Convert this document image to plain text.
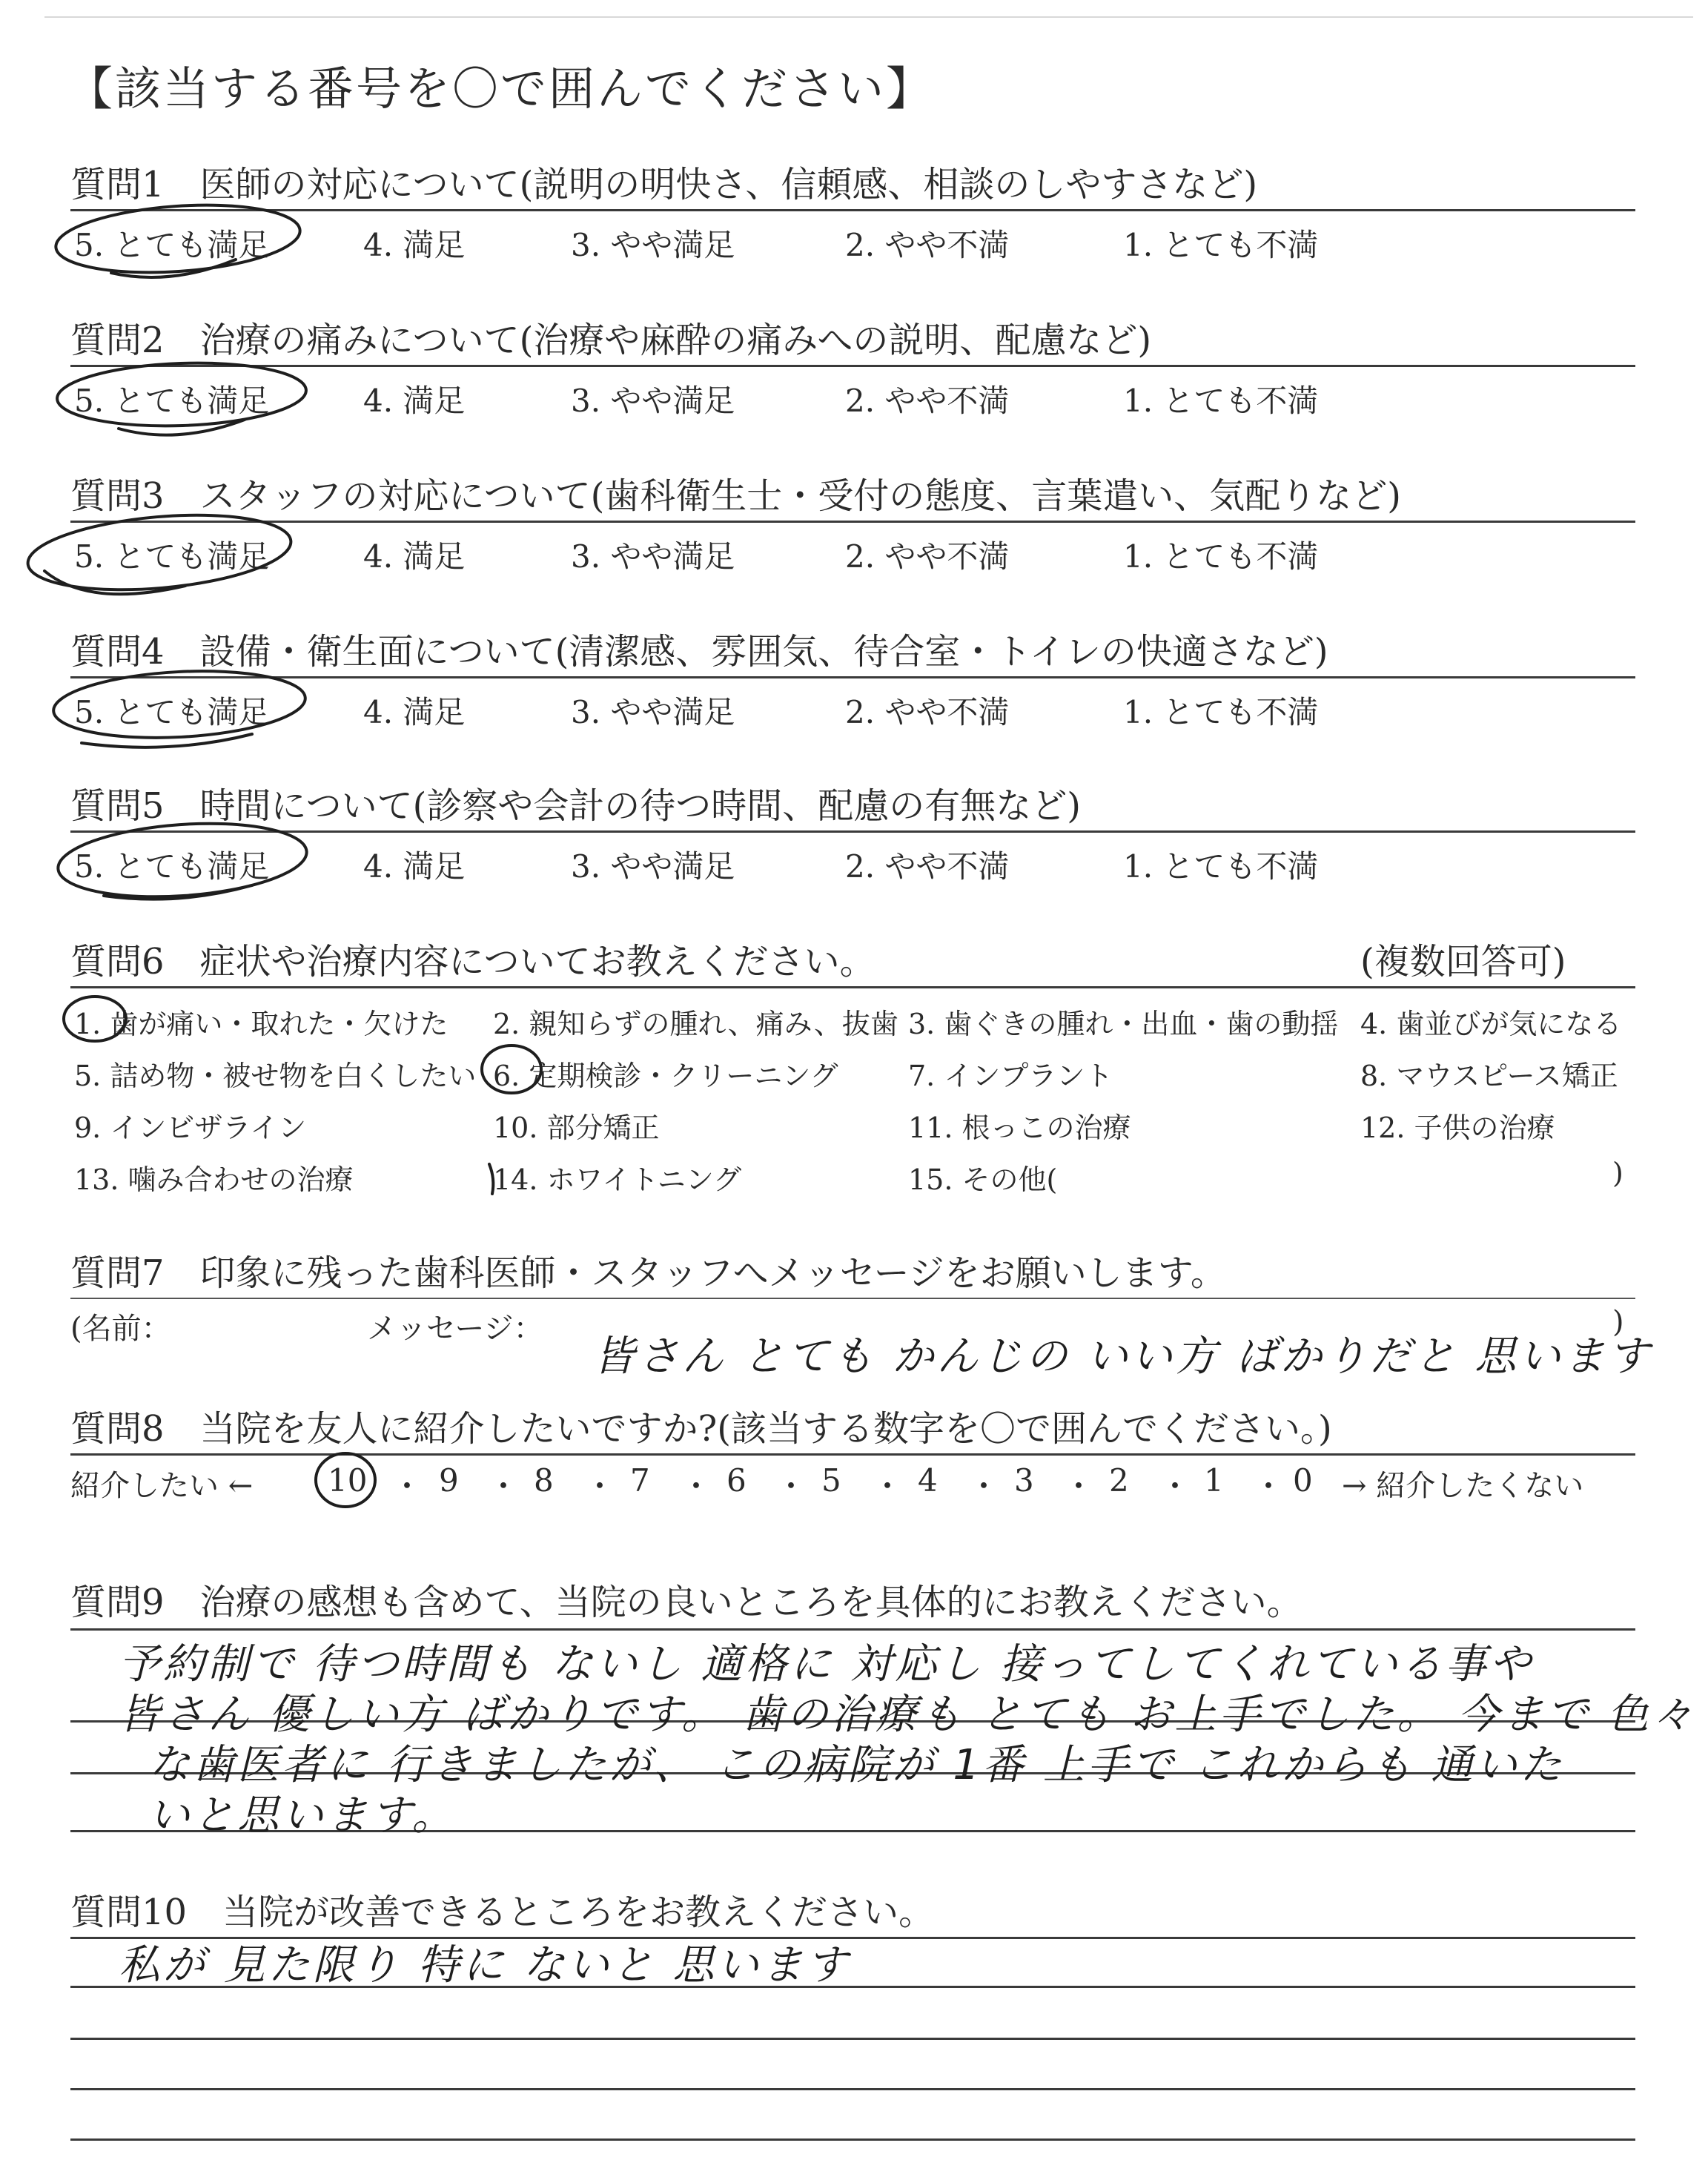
【該当する番号を〇で囲んでください】
質問1　医師の対応について(説明の明快さ、信頼感、相談のしやすさなど)
5. とても満足	4. 満足	3. やや満足	2. やや不満	1. とても不満
質問2　治療の痛みについて(治療や麻酔の痛みへの説明、配慮など)
5. とても満足	4. 満足	3. やや満足	2. やや不満	1. とても不満
質問3　スタッフの対応について(歯科衛生士・受付の態度、言葉遣い、気配りなど)
5. とても満足	4. 満足	3. やや満足	2. やや不満	1. とても不満
質問4　設備・衛生面について(清潔感、雰囲気、待合室・トイレの快適さなど)
5. とても満足	4. 満足	3. やや満足	2. やや不満	1. とても不満
質問5　時間について(診察や会計の待つ時間、配慮の有無など)
5. とても満足	4. 満足	3. やや満足	2. やや不満	1. とても不満
質問6　症状や治療内容についてお教えください。	(複数回答可)
1. 歯が痛い・取れた・欠けた 2. 親知らずの腫れ、痛み、抜歯 3. 歯ぐきの腫れ・出血・歯の動揺 4. 歯並びが気になる
5. 詰め物・被せ物を白くしたい 6. 定期検診・クリーニング 7. インプラント	8. マウスピース矯正
9. インビザライン	10. 部分矯正	11. 根っこの治療	12. 子供の治療
13. 噛み合わせの治療	14. ホワイトニング	15. その他(	)
質問7　印象に残った歯科医師・スタッフへメッセージをお願いします。
(名前：	メッセージ：	)
皆さん とても かんじの いい方 ばかりだと 思います
質問8　当院を友人に紹介したいですか?(該当する数字を〇で囲んでください。)
紹介したい ←	→ 紹介したくない
10 ・ 9 ・ 8 ・ 7 ・ 6 ・ 5 ・ 4 ・ 3 ・ 2 ・ 1 ・ 0
質問9　治療の感想も含めて、当院の良いところを具体的にお教えください。
予約制で 待つ時間も ないし 適格に 対応し 接ってしてくれている事や
皆さん 優しい方 ばかりです。 歯の治療も とても お上手でした。 今まで 色々
な歯医者に 行きましたが、 この病院が 1番 上手で これからも 通いた
いと思います。
質問10　当院が改善できるところをお教えください。
私が 見た限り 特に ないと 思います
